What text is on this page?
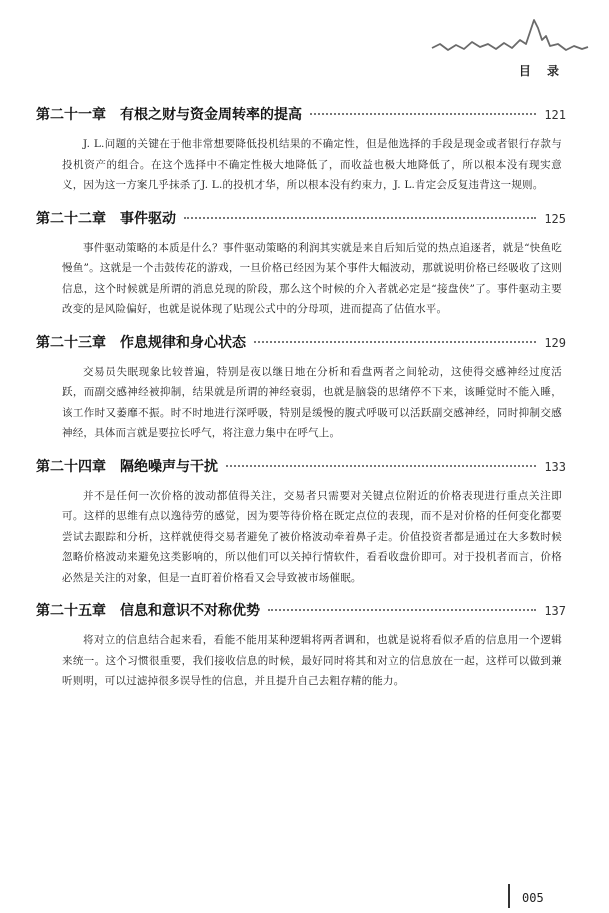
目 录
第二十一章 有根之财与资金周转率的提高	121

J. L.问题的关键在于他非常想要降低投机结果的不确定性，但是他选择的手段是现金或者银行存款与投机资产的组合。在这个选择中不确定性极大地降低了，而收益也极大地降低了，所以根本没有现实意义，因为这一方案几乎抹杀了J. L.的投机才华，所以根本没有约束力，J. L.肯定会反复违背这一规则。

第二十二章 事件驱动	125

事件驱动策略的本质是什么？事件驱动策略的利润其实就是来自后知后觉的热点追逐者，就是“快鱼吃慢鱼”。这就是一个击鼓传花的游戏，一旦价格已经因为某个事件大幅波动，那就说明价格已经吸收了这则信息，这个时候就是所谓的消息兑现的阶段，那么这个时候的介入者就必定是“接盘侠”了。事件驱动主要改变的是风险偏好，也就是说体现了贴现公式中的分母项，进而提高了估值水平。

第二十三章 作息规律和身心状态	129

交易员失眠现象比较普遍，特别是夜以继日地在分析和看盘两者之间轮动，这使得交感神经过度活跃，而副交感神经被抑制，结果就是所谓的神经衰弱，也就是脑袋的思绪停不下来，该睡觉时不能入睡，该工作时又萎靡不振。时不时地进行深呼吸，特别是缓慢的腹式呼吸可以活跃副交感神经，同时抑制交感神经，具体而言就是要拉长呼气，将注意力集中在呼气上。

第二十四章 隔绝噪声与干扰	133

并不是任何一次价格的波动都值得关注，交易者只需要对关键点位附近的价格表现进行重点关注即可。这样的思维有点以逸待劳的感觉，因为要等待价格在既定点位的表现，而不是对价格的任何变化都要尝试去跟踪和分析，这样就使得交易者避免了被价格波动牵着鼻子走。价值投资者都是通过在大多数时候忽略价格波动来避免这类影响的，所以他们可以关掉行情软件，看看收盘价即可。对于投机者而言，价格必然是关注的对象，但是一直盯着价格看又会导致被市场催眠。

第二十五章 信息和意识不对称优势	137

将对立的信息结合起来看，看能不能用某种逻辑将两者调和，也就是说将看似矛盾的信息用一个逻辑来统一。这个习惯很重要，我们接收信息的时候，最好同时将其和对立的信息放在一起，这样可以做到兼听则明，可以过滤掉很多误导性的信息，并且提升自己去粗存精的能力。

005
